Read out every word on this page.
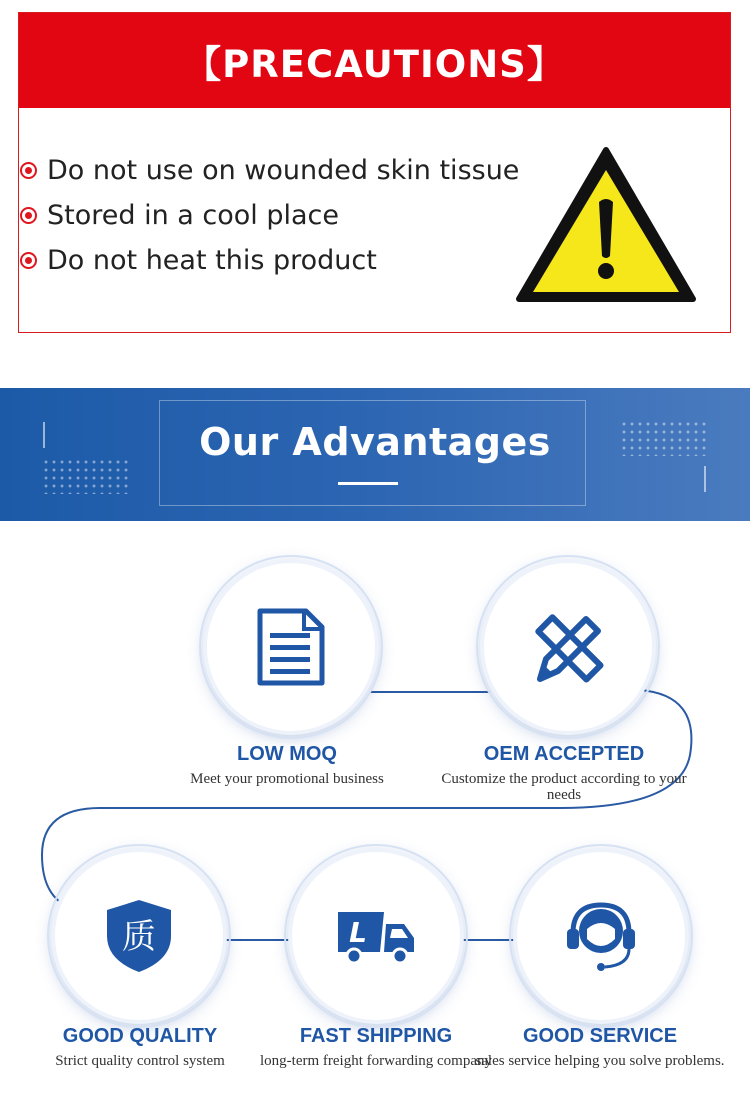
【PRECAUTIONS】
Do not use on wounded skin tissue
Stored in a cool place
Do not heat this product
Our Advantages
LOW MOQ
Meet your promotional business
OEM ACCEPTED
Customize the product according to your needs
质
GOOD QUALITY
Strict quality control system
L
FAST SHIPPING
long-term freight forwarding company
GOOD SERVICE
sales service helping you solve problems.
